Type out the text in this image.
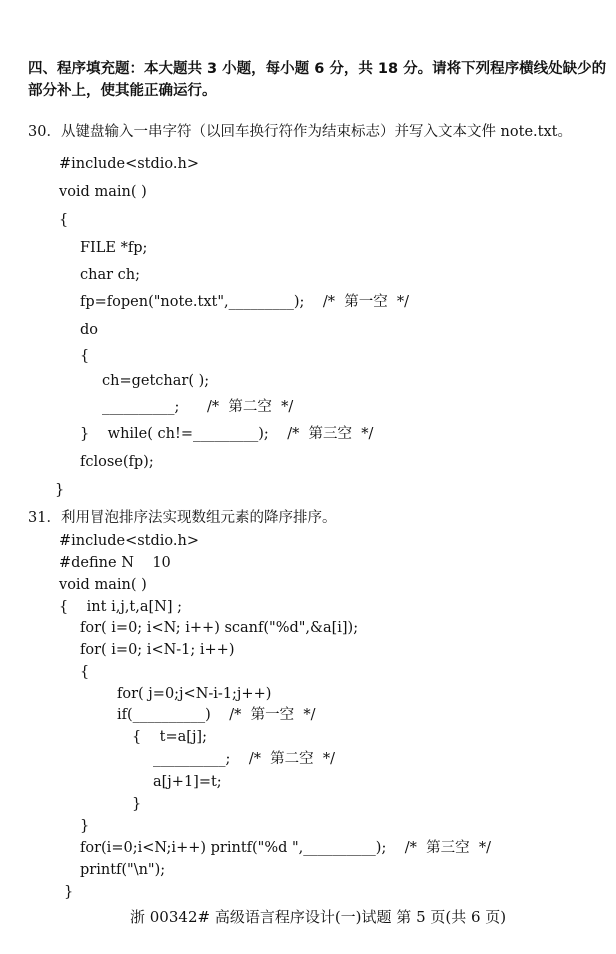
四、程序填充题：本大题共 3 小题，每小题 6 分，共 18 分。请将下列程序横线处缺少的
部分补上，使其能正确运行。
30．从键盘输入一串字符（以回车换行符作为结束标志）并写入文本文件 note.txt。
#include<stdio.h>
void main( )
{
FILE *fp;
char ch;
fp=fopen("note.txt",_________);    /*  第一空  */
do
{
ch=getchar( );
__________;      /*  第二空  */
}    while( ch!=_________);    /*  第三空  */
fclose(fp);
}
31．利用冒泡排序法实现数组元素的降序排序。
#include<stdio.h>
#define N    10
void main( )
{    int i,j,t,a[N] ;
for( i=0; i<N; i++) scanf("%d",&a[i]);
for( i=0; i<N-1; i++)
{
for( j=0;j<N-i-1;j++)
if(__________)    /*  第一空  */
{    t=a[j];
__________;    /*  第二空  */
a[j+1]=t;
}
}
for(i=0;i<N;i++) printf("%d ",__________);    /*  第三空  */
printf("\n");
}
浙 00342# 高级语言程序设计(一)试题 第 5 页(共 6 页)
